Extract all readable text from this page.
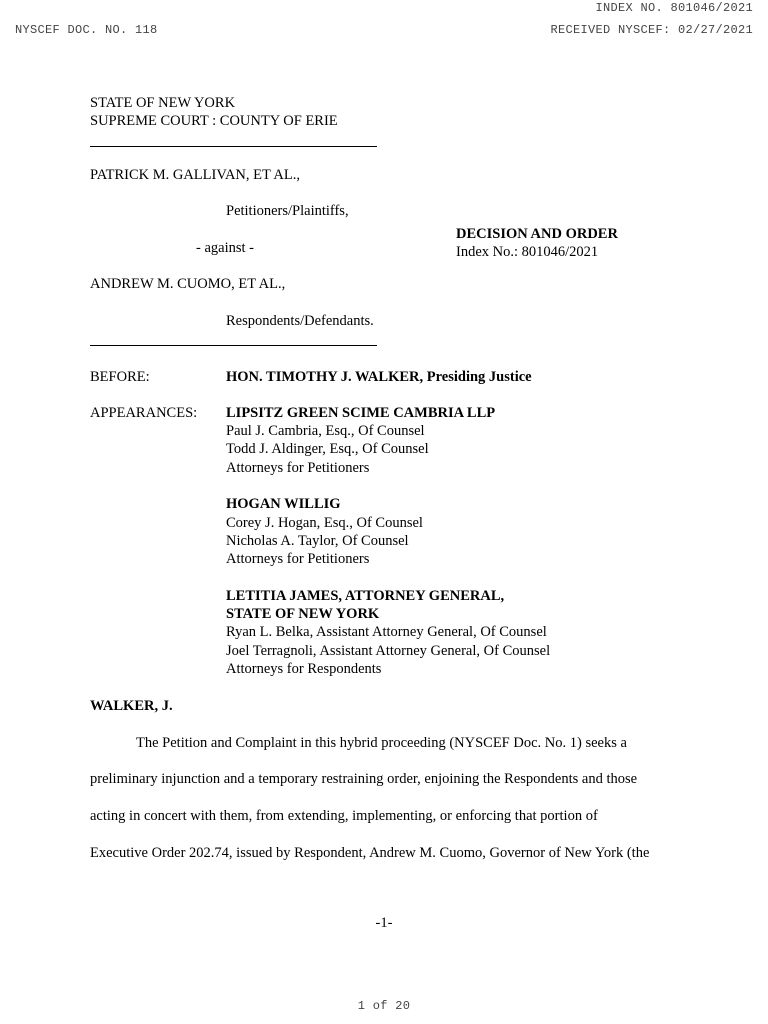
INDEX NO. 801046/2021
NYSCEF DOC. NO. 118	RECEIVED NYSCEF: 02/27/2021
STATE OF NEW YORK
SUPREME COURT : COUNTY OF ERIE
PATRICK M. GALLIVAN, ET AL.,
Petitioners/Plaintiffs,
- against -
DECISION AND ORDER
Index No.: 801046/2021
ANDREW M. CUOMO, ET AL.,
Respondents/Defendants.
BEFORE:	HON. TIMOTHY J. WALKER, Presiding Justice
APPEARANCES: LIPSITZ GREEN SCIME CAMBRIA LLP
Paul J. Cambria, Esq., Of Counsel
Todd J. Aldinger, Esq., Of Counsel
Attorneys for Petitioners
HOGAN WILLIG
Corey J. Hogan, Esq., Of Counsel
Nicholas A. Taylor, Of Counsel
Attorneys for Petitioners
LETITIA JAMES, ATTORNEY GENERAL,
STATE OF NEW YORK
Ryan L. Belka, Assistant Attorney General, Of Counsel
Joel Terragnoli, Assistant Attorney General, Of Counsel
Attorneys for Respondents
WALKER, J.
The Petition and Complaint in this hybrid proceeding (NYSCEF Doc. No. 1) seeks a
preliminary injunction and a temporary restraining order, enjoining the Respondents and those
acting in concert with them, from extending, implementing, or enforcing that portion of
Executive Order 202.74, issued by Respondent, Andrew M. Cuomo, Governor of New York (the
-1-
1 of 20
